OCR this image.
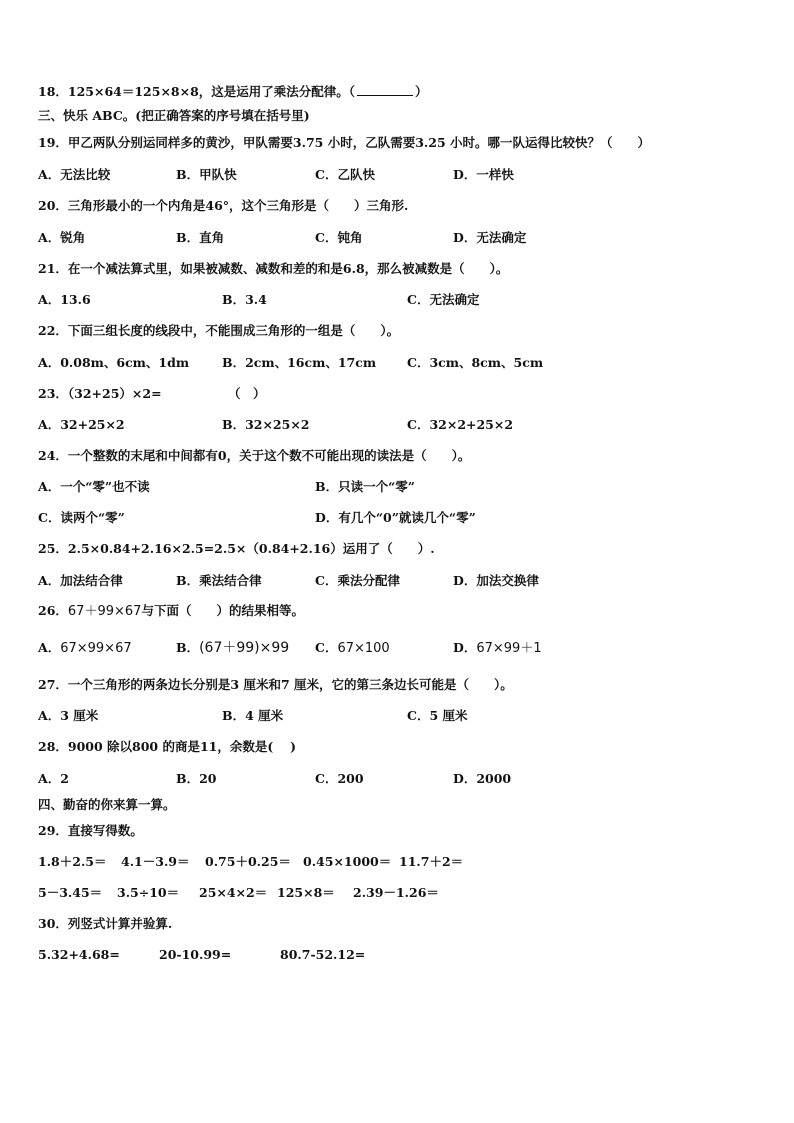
18．125×64＝125×8×8，这是运用了乘法分配律。（	）
三、快乐 ABC。(把正确答案的序号填在括号里)
19．甲乙两队分别运同样多的黄沙，甲队需要3.75 小时，乙队需要3.25 小时。哪一队运得比较快？（　　）
A．无法比较	B．甲队快	C．乙队快	D．一样快
20．三角形最小的一个内角是46°，这个三角形是（　　）三角形.
A．锐角	B．直角	C．钝角	D．无法确定
21．在一个减法算式里，如果被减数、减数和差的和是6.8，那么被减数是（　　）。
A．13.6	B．3.4	C．无法确定
22．下面三组长度的线段中，不能围成三角形的一组是（　　）。
A．0.08m、6cm、1dm	B．2cm、16cm、17cm C．3cm、8cm、5cm
23．（32+25）×2=	（　）
A．32+25×2	B．32×25×2	C．32×2+25×2
24．一个整数的末尾和中间都有0，关于这个数不可能出现的读法是（　　）。
A．一个“零”也不读	B．只读一个“零”
C．读两个“零”	D．有几个“0”就读几个“零”
25．2.5×0.84+2.16×2.5=2.5×（0.84+2.16）运用了（　　）.
A．加法结合律	B．乘法结合律	C．乘法分配律	D．加法交换律
26．67＋99×67与下面（　　）的结果相等。
A．67×99×67	B．(67＋99)×99 C．67×100	D．67×99＋1
27．一个三角形的两条边长分别是3 厘米和7 厘米，它的第三条边长可能是（　　）。
A．3 厘米	B．4 厘米	C．5 厘米
28．9000 除以800 的商是11，余数是(　 )
A．2	B．20	C．200	D．2000
四、勤奋的你来算一算。
29．直接写得数。
1.8＋2.5＝ 4.1－3.9＝ 0.75＋0.25＝ 0.45×1000＝ 11.7＋2＝
5－3.45＝ 3.5÷10＝ 25×4×2＝ 125×8＝ 2.39－1.26＝
30．列竖式计算并验算.
5.32+4.68=	20-10.99=	80.7-52.12=
